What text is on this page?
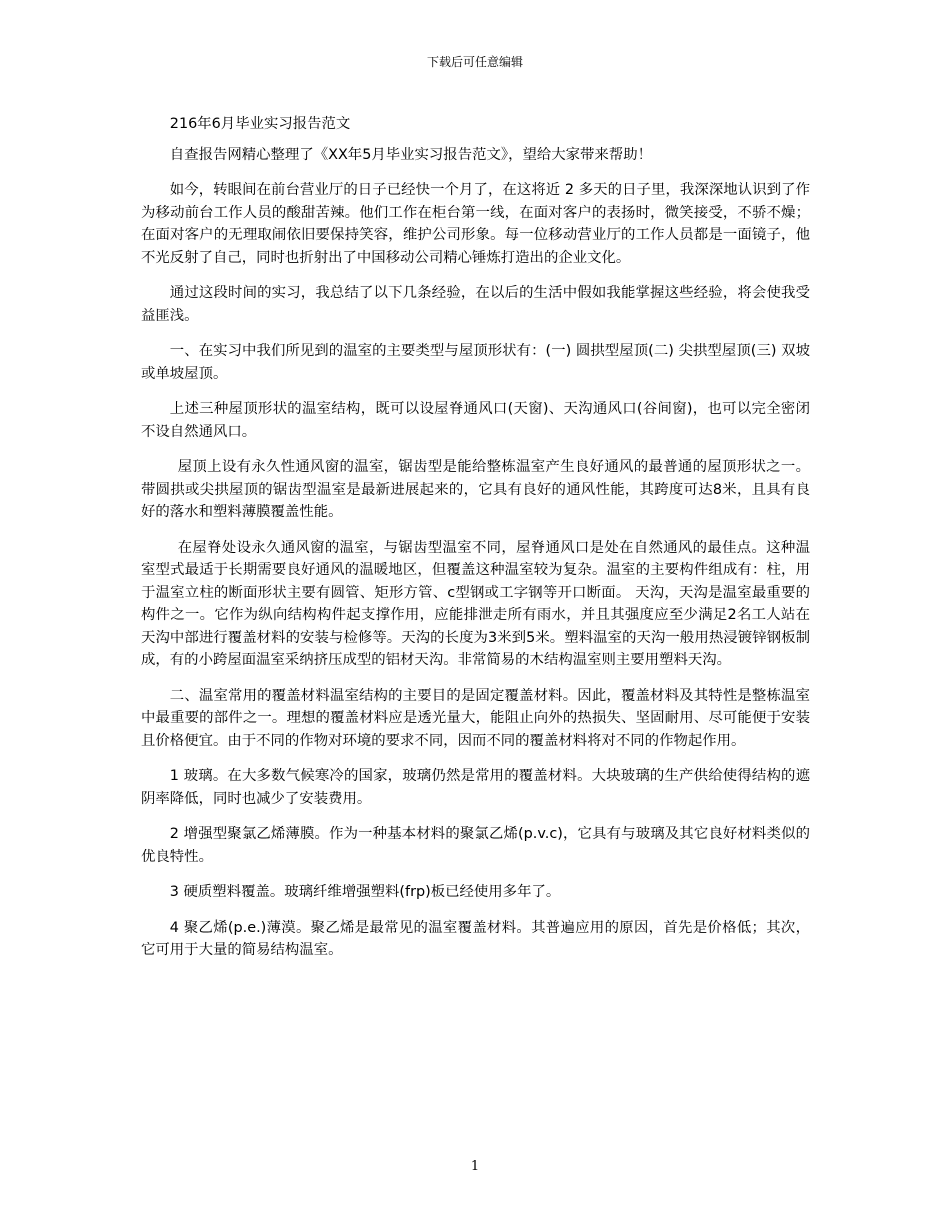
下载后可任意编辑

216年6月毕业实习报告范文

自查报告网精心整理了《XX年5月毕业实习报告范文》，望给大家带来帮助！

如今，转眼间在前台营业厅的日子已经快一个月了，在这将近 2 多天的日子里，我深深地认识到了作为移动前台工作人员的酸甜苦辣。他们工作在柜台第一线，在面对客户的表扬时，微笑接受，不骄不燥；在面对客户的无理取闹依旧要保持笑容，维护公司形象。每一位移动营业厅的工作人员都是一面镜子，他不光反射了自己，同时也折射出了中国移动公司精心锤炼打造出的企业文化。

通过这段时间的实习，我总结了以下几条经验，在以后的生活中假如我能掌握这些经验，将会使我受益匪浅。

一、在实习中我们所见到的温室的主要类型与屋顶形状有：(一) 圆拱型屋顶(二) 尖拱型屋顶(三) 双坡或单坡屋顶。

上述三种屋顶形状的温室结构，既可以设屋脊通风口(天窗)、天沟通风口(谷间窗)，也可以完全密闭不设自然通风口。

屋顶上设有永久性通风窗的温室，锯齿型是能给整栋温室产生良好通风的最普通的屋顶形状之一。带圆拱或尖拱屋顶的锯齿型温室是最新进展起来的，它具有良好的通风性能，其跨度可达8米，且具有良好的落水和塑料薄膜覆盖性能。

在屋脊处设永久通风窗的温室，与锯齿型温室不同，屋脊通风口是处在自然通风的最佳点。这种温室型式最适于长期需要良好通风的温暖地区，但覆盖这种温室较为复杂。温室的主要构件组成有：柱，用于温室立柱的断面形状主要有圆管、矩形方管、c型钢或工字钢等开口断面。 天沟，天沟是温室最重要的构件之一。它作为纵向结构构件起支撑作用，应能排泄走所有雨水，并且其强度应至少满足2名工人站在天沟中部进行覆盖材料的安装与检修等。天沟的长度为3米到5米。塑料温室的天沟一般用热浸镀锌钢板制成，有的小跨屋面温室采纳挤压成型的铝材天沟。非常简易的木结构温室则主要用塑料天沟。

二、温室常用的覆盖材料温室结构的主要目的是固定覆盖材料。因此，覆盖材料及其特性是整栋温室中最重要的部件之一。理想的覆盖材料应是透光量大，能阻止向外的热损失、坚固耐用、尽可能便于安装且价格便宜。由于不同的作物对环境的要求不同，因而不同的覆盖材料将对不同的作物起作用。

1 玻璃。在大多数气候寒冷的国家，玻璃仍然是常用的覆盖材料。大块玻璃的生产供给使得结构的遮阴率降低，同时也减少了安装费用。

2 增强型聚氯乙烯薄膜。作为一种基本材料的聚氯乙烯(p.v.c)，它具有与玻璃及其它良好材料类似的优良特性。

3 硬质塑料覆盖。玻璃纤维增强塑料(frp)板已经使用多年了。

4 聚乙烯(p.e.)薄漠。聚乙烯是最常见的温室覆盖材料。其普遍应用的原因，首先是价格低；其次，它可用于大量的简易结构温室。

1
